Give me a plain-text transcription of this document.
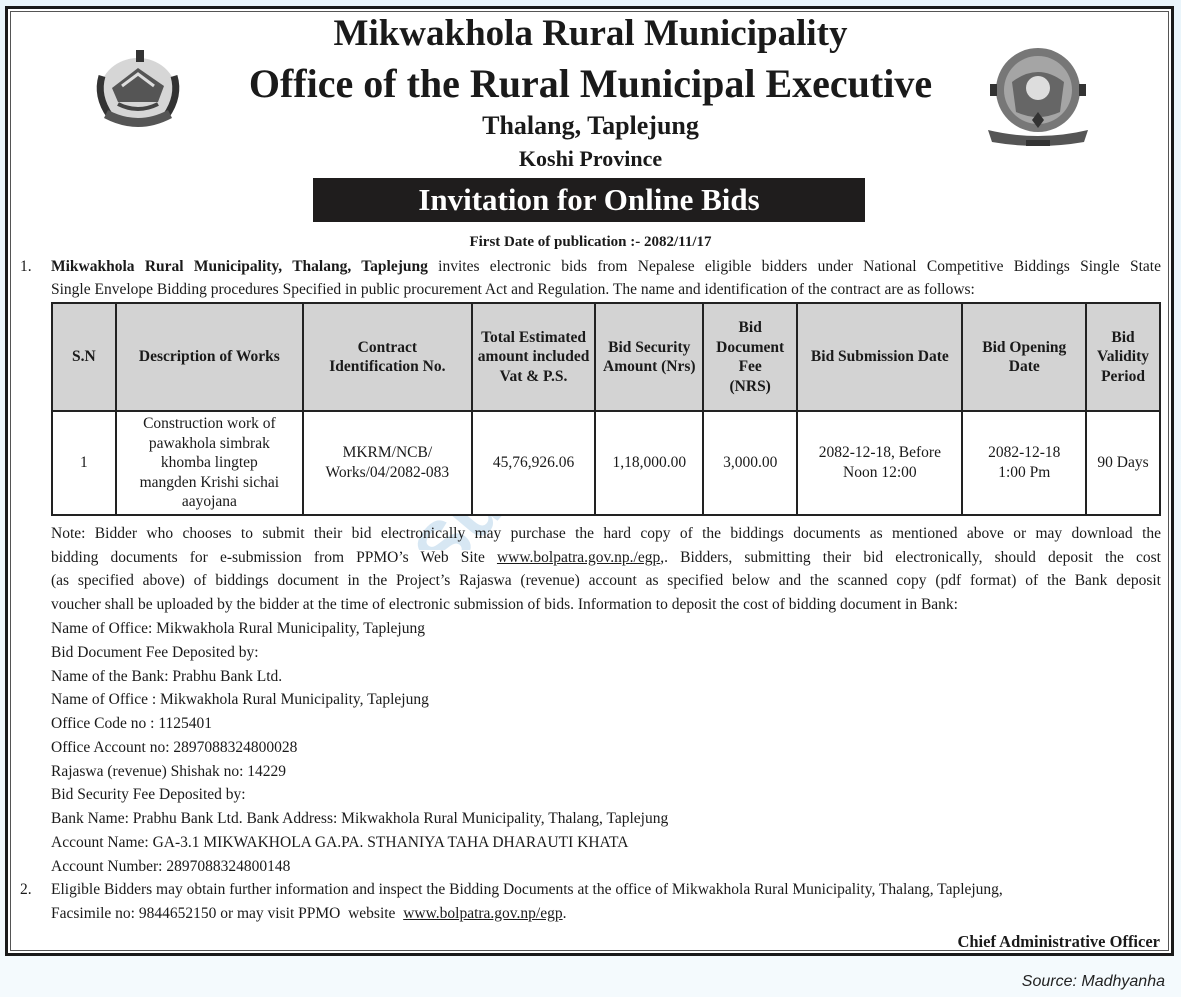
Mikwakhola Rural Municipality
Office of the Rural Municipal Executive
Thalang, Taplejung
Koshi Province
Invitation for Online Bids
First Date of publication :- 2082/11/17
1. Mikwakhola Rural Municipality, Thalang, Taplejung invites electronic bids from Nepalese eligible bidders under National Competitive Biddings Single State
Single Envelope Bidding procedures Specified in public procurement Act and Regulation. The name and identification of the contract are as follows:
S.N	Description of Works	Contract Identification No.	Total Estimated amount included Vat & P.S.	Bid Security Amount (Nrs)	Bid Document Fee (NRS)	Bid Submission Date	Bid Opening Date	Bid Validity Period
1	Construction work of pawakhola simbrak khomba lingtep mangden Krishi sichai aayojana	MKRM/NCB/ Works/04/2082-083	45,76,926.06	1,18,000.00	3,000.00	2082-12-18, Before Noon 12:00	2082-12-18 1:00 Pm	90 Days
Note: Bidder who chooses to submit their bid electronically may purchase the hard copy of the biddings documents as mentioned above or may download the
bidding documents for e-submission from PPMO’s Web Site www.bolpatra.gov.np./egp,. Bidders, submitting their bid electronically, should deposit the cost
(as specified above) of biddings document in the Project’s Rajaswa (revenue) account as specified below and the scanned copy (pdf format) of the Bank deposit
voucher shall be uploaded by the bidder at the time of electronic submission of bids. Information to deposit the cost of bidding document in Bank:
Name of Office: Mikwakhola Rural Municipality, Taplejung
Bid Document Fee Deposited by:
Name of the Bank: Prabhu Bank Ltd.
Name of Office : Mikwakhola Rural Municipality, Taplejung
Office Code no : 1125401
Office Account no: 2897088324800028
Rajaswa (revenue) Shishak no: 14229
Bid Security Fee Deposited by:
Bank Name: Prabhu Bank Ltd. Bank Address: Mikwakhola Rural Municipality, Thalang, Taplejung
Account Name: GA-3.1 MIKWAKHOLA GA.PA. STHANIYA TAHA DHARAUTI KHATA
Account Number: 2897088324800148
2. Eligible Bidders may obtain further information and inspect the Bidding Documents at the office of Mikwakhola Rural Municipality, Thalang, Taplejung,
Facsimile no: 9844652150 or may visit PPMO  website  www.bolpatra.gov.np/egp.
Chief Administrative Officer
Source: Madhyanha
